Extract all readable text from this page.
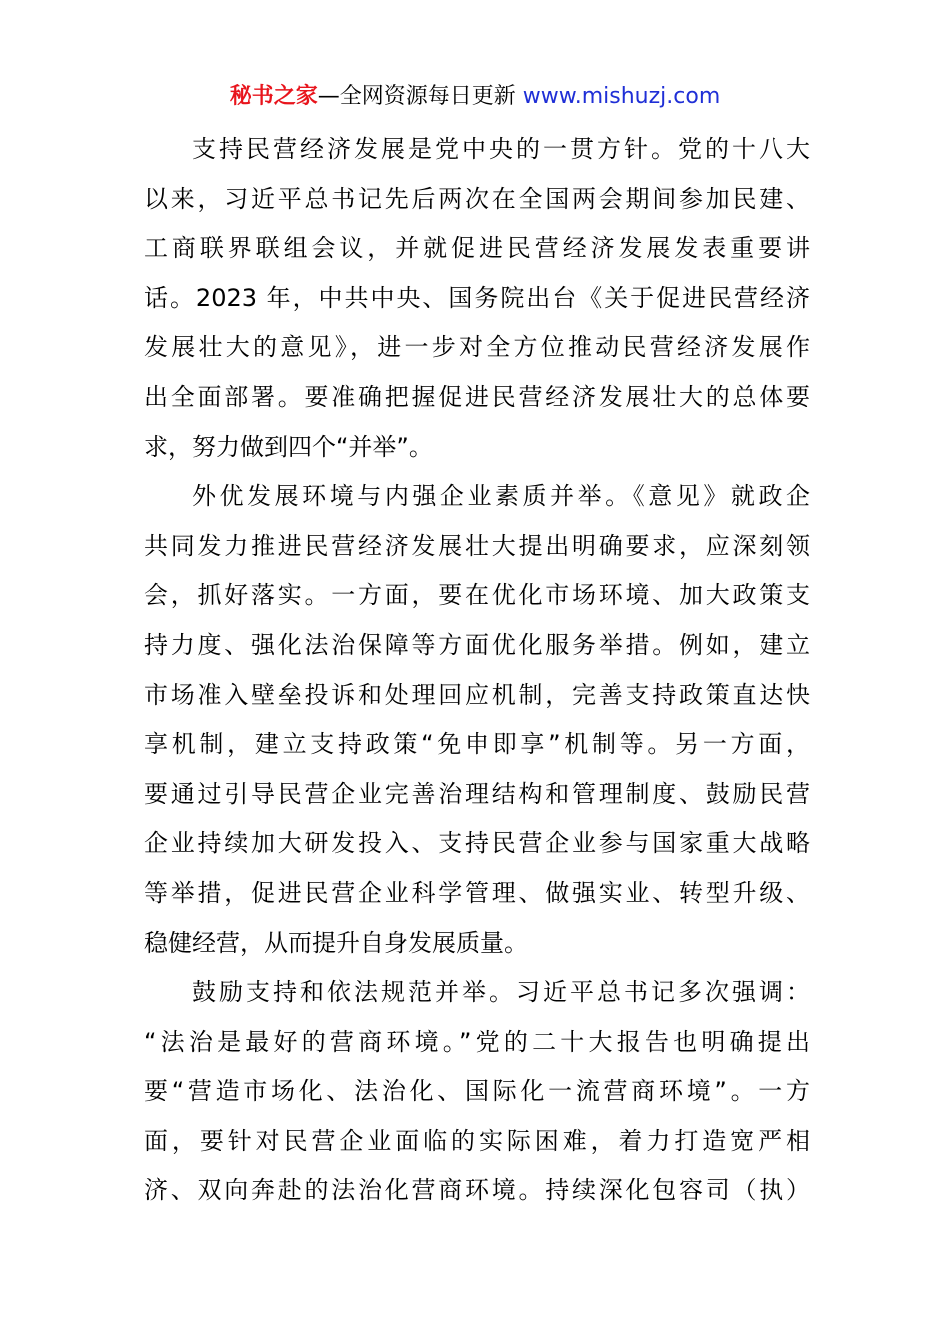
秘书之家—全网资源每日更新 www.mishuzj.com

支持民营经济发展是党中央的一贯方针。党的十八大
以来，习近平总书记先后两次在全国两会期间参加民建、
工商联界联组会议，并就促进民营经济发展发表重要讲
话。2023 年，中共中央、国务院出台《关于促进民营经济
发展壮大的意见》，进一步对全方位推动民营经济发展作
出全面部署。要准确把握促进民营经济发展壮大的总体要
求，努力做到四个“并举”。

外优发展环境与内强企业素质并举。《意见》就政企
共同发力推进民营经济发展壮大提出明确要求，应深刻领
会，抓好落实。一方面，要在优化市场环境、加大政策支
持力度、强化法治保障等方面优化服务举措。例如，建立
市场准入壁垒投诉和处理回应机制，完善支持政策直达快
享机制，建立支持政策“免申即享”机制等。另一方面，
要通过引导民营企业完善治理结构和管理制度、鼓励民营
企业持续加大研发投入、支持民营企业参与国家重大战略
等举措，促进民营企业科学管理、做强实业、转型升级、
稳健经营，从而提升自身发展质量。

鼓励支持和依法规范并举。习近平总书记多次强调：
“法治是最好的营商环境。”党的二十大报告也明确提出
要“营造市场化、法治化、国际化一流营商环境”。一方
面，要针对民营企业面临的实际困难，着力打造宽严相
济、双向奔赴的法治化营商环境。持续深化包容司（执）
